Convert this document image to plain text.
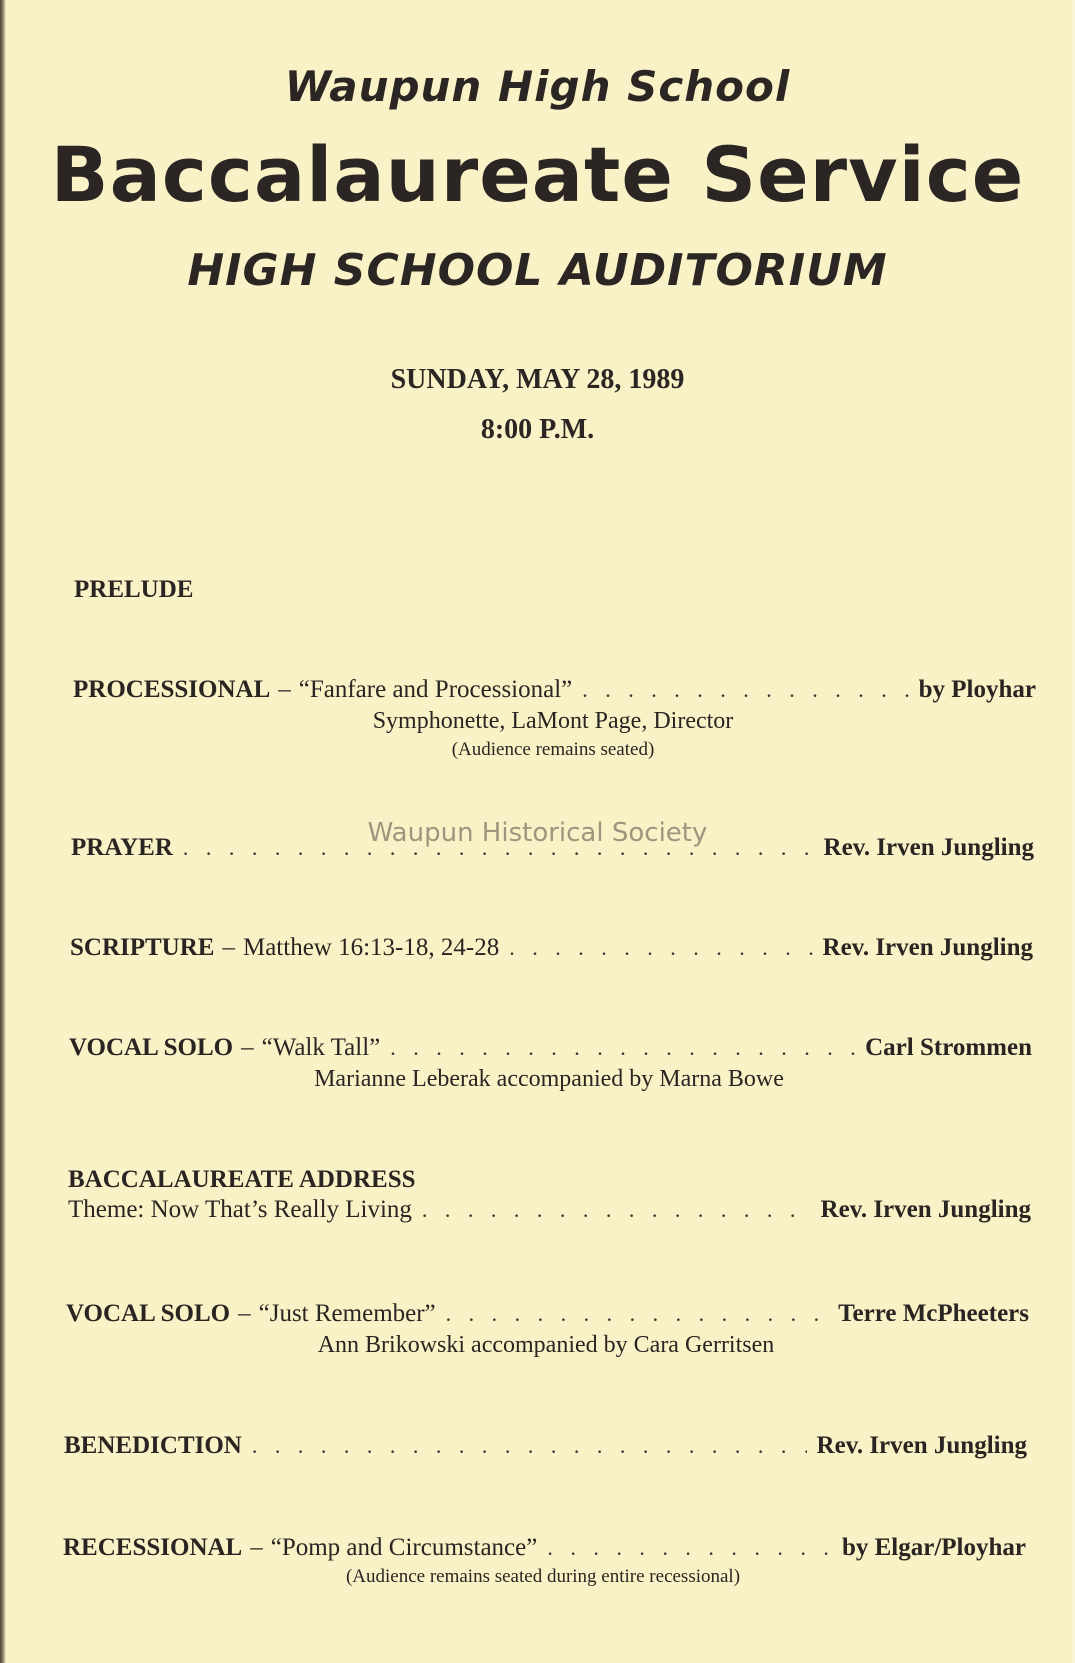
Waupun High School
Baccalaureate Service
HIGH SCHOOL AUDITORIUM
SUNDAY, MAY 28, 1989
8:00 P.M.
Waupun Historical Society
PRELUDE
PROCESSIONAL – “Fanfare and Processional” . . .	by Ployhar
Symphonette, LaMont Page, Director
(Audience remains seated)
PRAYER . . .	Rev. Irven Jungling
SCRIPTURE – Matthew 16:13-18, 24-28 . . .	Rev. Irven Jungling
VOCAL SOLO – “Walk Tall” . . .	Carl Strommen
Marianne Leberak accompanied by Marna Bowe
BACCALAUREATE ADDRESS
Theme: Now That’s Really Living . . .	Rev. Irven Jungling
VOCAL SOLO – “Just Remember” . . .	Terre McPheeters
Ann Brikowski accompanied by Cara Gerritsen
BENEDICTION . . .	Rev. Irven Jungling
RECESSIONAL – “Pomp and Circumstance” . . .	by Elgar/Ployhar
(Audience remains seated during entire recessional)
